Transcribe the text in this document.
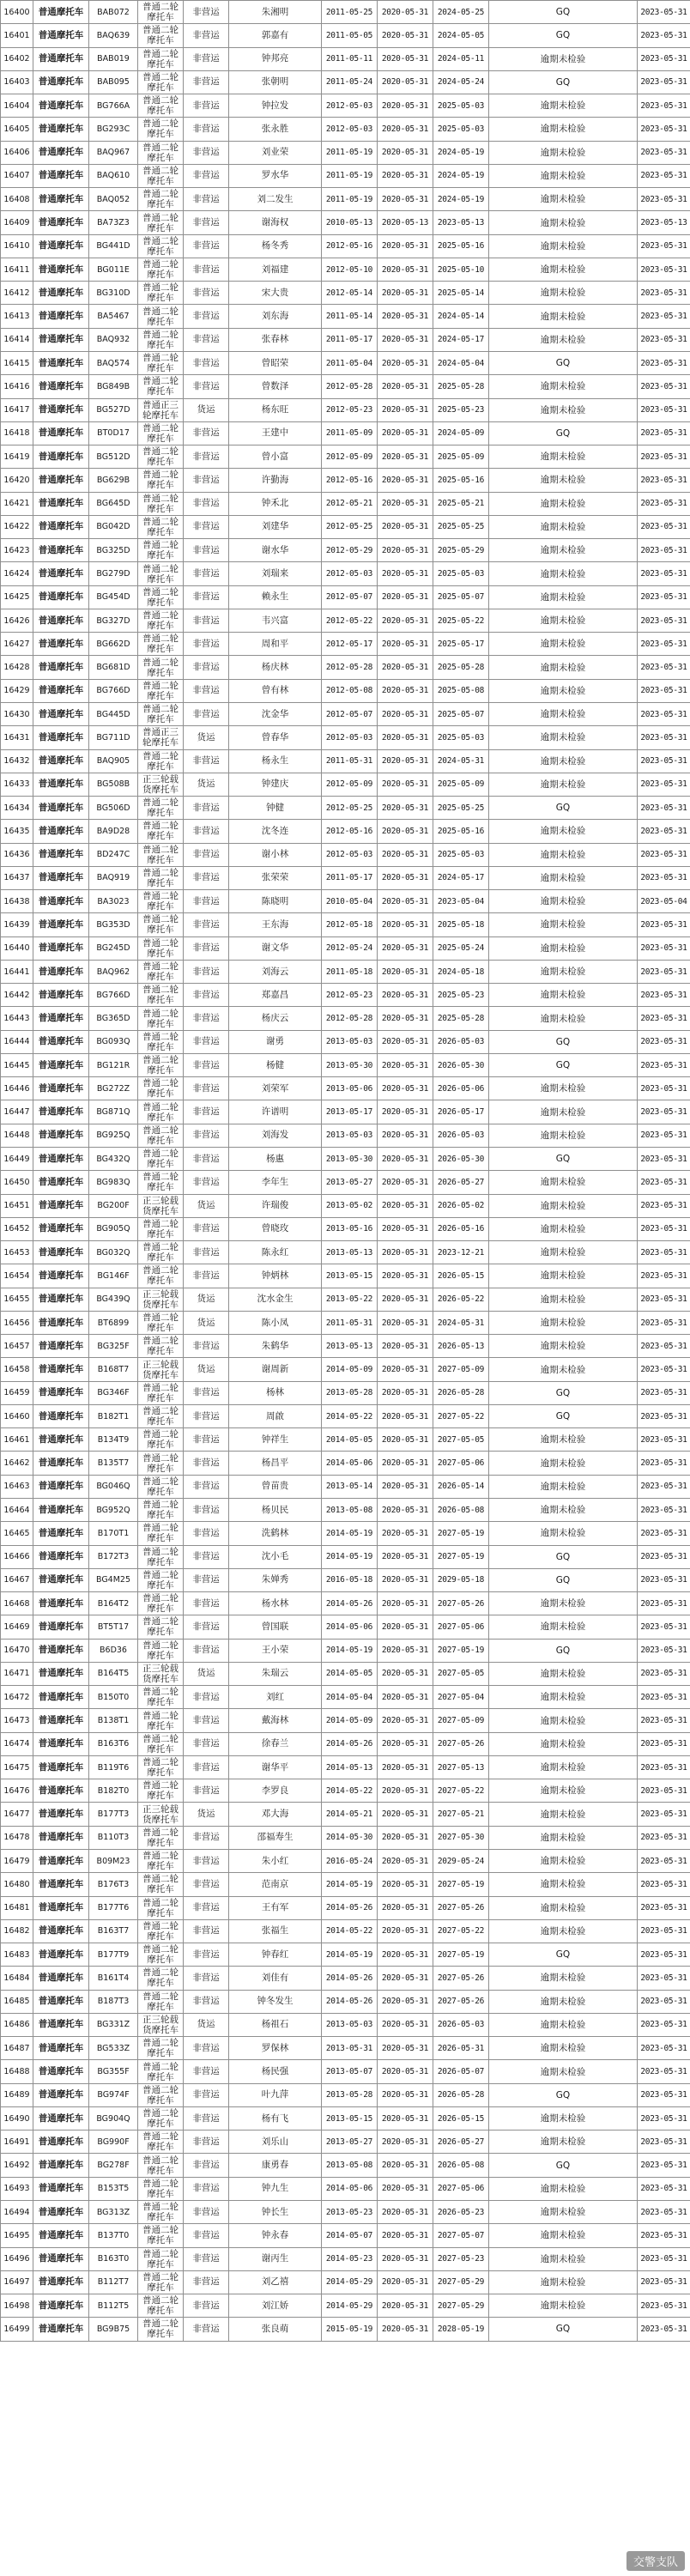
16400	普通摩托车	BAB072	普通二轮摩托车	非营运	朱湘明	2011-05-25	2020-05-31	2024-05-25	GQ	2023-05-31
16401	普通摩托车	BAQ639	普通二轮摩托车	非营运	郭嘉有	2011-05-05	2020-05-31	2024-05-05	GQ	2023-05-31
16402	普通摩托车	BAB019	普通二轮摩托车	非营运	钟邦亮	2011-05-11	2020-05-31	2024-05-11	逾期未检验	2023-05-31
16403	普通摩托车	BAB095	普通二轮摩托车	非营运	张朝明	2011-05-24	2020-05-31	2024-05-24	GQ	2023-05-31
16404	普通摩托车	BG766A	普通二轮摩托车	非营运	钟拉发	2012-05-03	2020-05-31	2025-05-03	逾期未检验	2023-05-31
16405	普通摩托车	BG293C	普通二轮摩托车	非营运	张永胜	2012-05-03	2020-05-31	2025-05-03	逾期未检验	2023-05-31
16406	普通摩托车	BAQ967	普通二轮摩托车	非营运	刘业荣	2011-05-19	2020-05-31	2024-05-19	逾期未检验	2023-05-31
16407	普通摩托车	BAQ610	普通二轮摩托车	非营运	罗水华	2011-05-19	2020-05-31	2024-05-19	逾期未检验	2023-05-31
16408	普通摩托车	BAQ052	普通二轮摩托车	非营运	刘二发生	2011-05-19	2020-05-31	2024-05-19	逾期未检验	2023-05-31
16409	普通摩托车	BA73Z3	普通二轮摩托车	非营运	谢海权	2010-05-13	2020-05-13	2023-05-13	逾期未检验	2023-05-13
16410	普通摩托车	BG441D	普通二轮摩托车	非营运	杨冬秀	2012-05-16	2020-05-31	2025-05-16	逾期未检验	2023-05-31
16411	普通摩托车	BG011E	普通二轮摩托车	非营运	刘福建	2012-05-10	2020-05-31	2025-05-10	逾期未检验	2023-05-31
16412	普通摩托车	BG310D	普通二轮摩托车	非营运	宋大贵	2012-05-14	2020-05-31	2025-05-14	逾期未检验	2023-05-31
16413	普通摩托车	BA5467	普通二轮摩托车	非营运	刘东海	2011-05-14	2020-05-31	2024-05-14	逾期未检验	2023-05-31
16414	普通摩托车	BAQ932	普通二轮摩托车	非营运	张春林	2011-05-17	2020-05-31	2024-05-17	逾期未检验	2023-05-31
16415	普通摩托车	BAQ574	普通二轮摩托车	非营运	曾昭荣	2011-05-04	2020-05-31	2024-05-04	GQ	2023-05-31
16416	普通摩托车	BG849B	普通二轮摩托车	非营运	曾数泽	2012-05-28	2020-05-31	2025-05-28	逾期未检验	2023-05-31
16417	普通摩托车	BG527D	普通正三轮摩托车	货运	杨东旺	2012-05-23	2020-05-31	2025-05-23	逾期未检验	2023-05-31
16418	普通摩托车	BT0D17	普通二轮摩托车	非营运	王建中	2011-05-09	2020-05-31	2024-05-09	GQ	2023-05-31
16419	普通摩托车	BG512D	普通二轮摩托车	非营运	曾小富	2012-05-09	2020-05-31	2025-05-09	逾期未检验	2023-05-31
16420	普通摩托车	BG629B	普通二轮摩托车	非营运	许勤海	2012-05-16	2020-05-31	2025-05-16	逾期未检验	2023-05-31
16421	普通摩托车	BG645D	普通二轮摩托车	非营运	钟禾北	2012-05-21	2020-05-31	2025-05-21	逾期未检验	2023-05-31
16422	普通摩托车	BG042D	普通二轮摩托车	非营运	刘建华	2012-05-25	2020-05-31	2025-05-25	逾期未检验	2023-05-31
16423	普通摩托车	BG325D	普通二轮摩托车	非营运	谢水华	2012-05-29	2020-05-31	2025-05-29	逾期未检验	2023-05-31
16424	普通摩托车	BG279D	普通二轮摩托车	非营运	刘瑞来	2012-05-03	2020-05-31	2025-05-03	逾期未检验	2023-05-31
16425	普通摩托车	BG454D	普通二轮摩托车	非营运	赖永生	2012-05-07	2020-05-31	2025-05-07	逾期未检验	2023-05-31
16426	普通摩托车	BG327D	普通二轮摩托车	非营运	韦兴富	2012-05-22	2020-05-31	2025-05-22	逾期未检验	2023-05-31
16427	普通摩托车	BG662D	普通二轮摩托车	非营运	周和平	2012-05-17	2020-05-31	2025-05-17	逾期未检验	2023-05-31
16428	普通摩托车	BG681D	普通二轮摩托车	非营运	杨庆林	2012-05-28	2020-05-31	2025-05-28	逾期未检验	2023-05-31
16429	普通摩托车	BG766D	普通二轮摩托车	非营运	曾有林	2012-05-08	2020-05-31	2025-05-08	逾期未检验	2023-05-31
16430	普通摩托车	BG445D	普通二轮摩托车	非营运	沈金华	2012-05-07	2020-05-31	2025-05-07	逾期未检验	2023-05-31
16431	普通摩托车	BG711D	普通正三轮摩托车	货运	曾春华	2012-05-03	2020-05-31	2025-05-03	逾期未检验	2023-05-31
16432	普通摩托车	BAQ905	普通二轮摩托车	非营运	杨永生	2011-05-31	2020-05-31	2024-05-31	逾期未检验	2023-05-31
16433	普通摩托车	BG508B	正三轮载货摩托车	货运	钟建庆	2012-05-09	2020-05-31	2025-05-09	逾期未检验	2023-05-31
16434	普通摩托车	BG506D	普通二轮摩托车	非营运	钟健	2012-05-25	2020-05-31	2025-05-25	GQ	2023-05-31
16435	普通摩托车	BA9D28	普通二轮摩托车	非营运	沈冬连	2012-05-16	2020-05-31	2025-05-16	逾期未检验	2023-05-31
16436	普通摩托车	BD247C	普通二轮摩托车	非营运	谢小林	2012-05-03	2020-05-31	2025-05-03	逾期未检验	2023-05-31
16437	普通摩托车	BAQ919	普通二轮摩托车	非营运	张荣荣	2011-05-17	2020-05-31	2024-05-17	逾期未检验	2023-05-31
16438	普通摩托车	BA3023	普通二轮摩托车	非营运	陈晓明	2010-05-04	2020-05-31	2023-05-04	逾期未检验	2023-05-04
16439	普通摩托车	BG353D	普通二轮摩托车	非营运	王东海	2012-05-18	2020-05-31	2025-05-18	逾期未检验	2023-05-31
16440	普通摩托车	BG245D	普通二轮摩托车	非营运	谢文华	2012-05-24	2020-05-31	2025-05-24	逾期未检验	2023-05-31
16441	普通摩托车	BAQ962	普通二轮摩托车	非营运	刘海云	2011-05-18	2020-05-31	2024-05-18	逾期未检验	2023-05-31
16442	普通摩托车	BG766D	普通二轮摩托车	非营运	郑嘉昌	2012-05-23	2020-05-31	2025-05-23	逾期未检验	2023-05-31
16443	普通摩托车	BG365D	普通二轮摩托车	非营运	杨庆云	2012-05-28	2020-05-31	2025-05-28	逾期未检验	2023-05-31
16444	普通摩托车	BG093Q	普通二轮摩托车	非营运	谢勇	2013-05-03	2020-05-31	2026-05-03	GQ	2023-05-31
16445	普通摩托车	BG121R	普通二轮摩托车	非营运	杨健	2013-05-30	2020-05-31	2026-05-30	GQ	2023-05-31
16446	普通摩托车	BG272Z	普通二轮摩托车	非营运	刘荣军	2013-05-06	2020-05-31	2026-05-06	逾期未检验	2023-05-31
16447	普通摩托车	BG871Q	普通二轮摩托车	非营运	许谱明	2013-05-17	2020-05-31	2026-05-17	逾期未检验	2023-05-31
16448	普通摩托车	BG925Q	普通二轮摩托车	非营运	刘海发	2013-05-03	2020-05-31	2026-05-03	逾期未检验	2023-05-31
16449	普通摩托车	BG432Q	普通二轮摩托车	非营运	杨惠	2013-05-30	2020-05-31	2026-05-30	GQ	2023-05-31
16450	普通摩托车	BG983Q	普通二轮摩托车	非营运	李年生	2013-05-27	2020-05-31	2026-05-27	逾期未检验	2023-05-31
16451	普通摩托车	BG200F	正三轮载货摩托车	货运	许瑞俊	2013-05-02	2020-05-31	2026-05-02	逾期未检验	2023-05-31
16452	普通摩托车	BG905Q	普通二轮摩托车	非营运	曾晓玫	2013-05-16	2020-05-31	2026-05-16	逾期未检验	2023-05-31
16453	普通摩托车	BG032Q	普通二轮摩托车	非营运	陈永红	2013-05-13	2020-05-31	2023-12-21	逾期未检验	2023-05-31
16454	普通摩托车	BG146F	普通二轮摩托车	非营运	钟炳林	2013-05-15	2020-05-31	2026-05-15	逾期未检验	2023-05-31
16455	普通摩托车	BG439Q	正三轮载货摩托车	货运	沈水金生	2013-05-22	2020-05-31	2026-05-22	逾期未检验	2023-05-31
16456	普通摩托车	BT6899	普通二轮摩托车	货运	陈小凤	2011-05-31	2020-05-31	2024-05-31	逾期未检验	2023-05-31
16457	普通摩托车	BG325F	普通二轮摩托车	非营运	朱鹤华	2013-05-13	2020-05-31	2026-05-13	逾期未检验	2023-05-31
16458	普通摩托车	B168T7	正三轮载货摩托车	货运	谢周新	2014-05-09	2020-05-31	2027-05-09	逾期未检验	2023-05-31
16459	普通摩托车	BG346F	普通二轮摩托车	非营运	杨林	2013-05-28	2020-05-31	2026-05-28	GQ	2023-05-31
16460	普通摩托车	B182T1	普通二轮摩托车	非营运	周啟	2014-05-22	2020-05-31	2027-05-22	GQ	2023-05-31
16461	普通摩托车	B134T9	普通二轮摩托车	非营运	钟祥生	2014-05-05	2020-05-31	2027-05-05	逾期未检验	2023-05-31
16462	普通摩托车	B135T7	普通二轮摩托车	非营运	杨昌平	2014-05-06	2020-05-31	2027-05-06	逾期未检验	2023-05-31
16463	普通摩托车	BG046Q	普通二轮摩托车	非营运	曾苗贵	2013-05-14	2020-05-31	2026-05-14	逾期未检验	2023-05-31
16464	普通摩托车	BG952Q	普通二轮摩托车	非营运	杨贝民	2013-05-08	2020-05-31	2026-05-08	逾期未检验	2023-05-31
16465	普通摩托车	B170T1	普通二轮摩托车	非营运	洗鹤林	2014-05-19	2020-05-31	2027-05-19	逾期未检验	2023-05-31
16466	普通摩托车	B172T3	普通二轮摩托车	非营运	沈小毛	2014-05-19	2020-05-31	2027-05-19	GQ	2023-05-31
16467	普通摩托车	BG4M25	普通二轮摩托车	非营运	朱婵秀	2016-05-18	2020-05-31	2029-05-18	GQ	2023-05-31
16468	普通摩托车	B164T2	普通二轮摩托车	非营运	杨水林	2014-05-26	2020-05-31	2027-05-26	逾期未检验	2023-05-31
16469	普通摩托车	BT5T17	普通二轮摩托车	非营运	曾国联	2014-05-06	2020-05-31	2027-05-06	逾期未检验	2023-05-31
16470	普通摩托车	B6D36	普通二轮摩托车	非营运	王小荣	2014-05-19	2020-05-31	2027-05-19	GQ	2023-05-31
16471	普通摩托车	B164T5	正三轮载货摩托车	货运	朱瑞云	2014-05-05	2020-05-31	2027-05-05	逾期未检验	2023-05-31
16472	普通摩托车	B150T0	普通二轮摩托车	非营运	刘红	2014-05-04	2020-05-31	2027-05-04	逾期未检验	2023-05-31
16473	普通摩托车	B138T1	普通二轮摩托车	非营运	戴海林	2014-05-09	2020-05-31	2027-05-09	逾期未检验	2023-05-31
16474	普通摩托车	B163T6	普通二轮摩托车	非营运	徐春兰	2014-05-26	2020-05-31	2027-05-26	逾期未检验	2023-05-31
16475	普通摩托车	B119T6	普通二轮摩托车	非营运	谢华平	2014-05-13	2020-05-31	2027-05-13	逾期未检验	2023-05-31
16476	普通摩托车	B182T0	普通二轮摩托车	非营运	李罗良	2014-05-22	2020-05-31	2027-05-22	逾期未检验	2023-05-31
16477	普通摩托车	B177T3	正三轮载货摩托车	货运	邓大海	2014-05-21	2020-05-31	2027-05-21	逾期未检验	2023-05-31
16478	普通摩托车	B110T3	普通二轮摩托车	非营运	邵福寿生	2014-05-30	2020-05-31	2027-05-30	逾期未检验	2023-05-31
16479	普通摩托车	B09M23	普通二轮摩托车	非营运	朱小红	2016-05-24	2020-05-31	2029-05-24	逾期未检验	2023-05-31
16480	普通摩托车	B176T3	普通二轮摩托车	非营运	范南京	2014-05-19	2020-05-31	2027-05-19	逾期未检验	2023-05-31
16481	普通摩托车	B177T6	普通二轮摩托车	非营运	王有军	2014-05-26	2020-05-31	2027-05-26	逾期未检验	2023-05-31
16482	普通摩托车	B163T7	普通二轮摩托车	非营运	张福生	2014-05-22	2020-05-31	2027-05-22	逾期未检验	2023-05-31
16483	普通摩托车	B177T9	普通二轮摩托车	非营运	钟春红	2014-05-19	2020-05-31	2027-05-19	GQ	2023-05-31
16484	普通摩托车	B161T4	普通二轮摩托车	非营运	刘佳有	2014-05-26	2020-05-31	2027-05-26	逾期未检验	2023-05-31
16485	普通摩托车	B187T3	普通二轮摩托车	非营运	钟冬发生	2014-05-26	2020-05-31	2027-05-26	逾期未检验	2023-05-31
16486	普通摩托车	BG331Z	正三轮载货摩托车	货运	杨祖石	2013-05-03	2020-05-31	2026-05-03	逾期未检验	2023-05-31
16487	普通摩托车	BG533Z	普通二轮摩托车	非营运	罗保林	2013-05-31	2020-05-31	2026-05-31	逾期未检验	2023-05-31
16488	普通摩托车	BG355F	普通二轮摩托车	非营运	杨民强	2013-05-07	2020-05-31	2026-05-07	逾期未检验	2023-05-31
16489	普通摩托车	BG974F	普通二轮摩托车	非营运	叶九萍	2013-05-28	2020-05-31	2026-05-28	GQ	2023-05-31
16490	普通摩托车	BG904Q	普通二轮摩托车	非营运	杨有飞	2013-05-15	2020-05-31	2026-05-15	逾期未检验	2023-05-31
16491	普通摩托车	BG990F	普通二轮摩托车	非营运	刘乐山	2013-05-27	2020-05-31	2026-05-27	逾期未检验	2023-05-31
16492	普通摩托车	BG278F	普通二轮摩托车	非营运	康勇春	2013-05-08	2020-05-31	2026-05-08	GQ	2023-05-31
16493	普通摩托车	B153T5	普通二轮摩托车	非营运	钟九生	2014-05-06	2020-05-31	2027-05-06	逾期未检验	2023-05-31
16494	普通摩托车	BG313Z	普通二轮摩托车	非营运	钟长生	2013-05-23	2020-05-31	2026-05-23	逾期未检验	2023-05-31
16495	普通摩托车	B137T0	普通二轮摩托车	非营运	钟永春	2014-05-07	2020-05-31	2027-05-07	逾期未检验	2023-05-31
16496	普通摩托车	B163T0	普通二轮摩托车	非营运	谢丙生	2014-05-23	2020-05-31	2027-05-23	逾期未检验	2023-05-31
16497	普通摩托车	B112T7	普通二轮摩托车	非营运	刘乙禧	2014-05-29	2020-05-31	2027-05-29	逾期未检验	2023-05-31
16498	普通摩托车	B112T5	普通二轮摩托车	非营运	刘江娇	2014-05-29	2020-05-31	2027-05-29	逾期未检验	2023-05-31
16499	普通摩托车	BG9B75	普通二轮摩托车	非营运	张良萌	2015-05-19	2020-05-31	2028-05-19	GQ	2023-05-31
交警支队
